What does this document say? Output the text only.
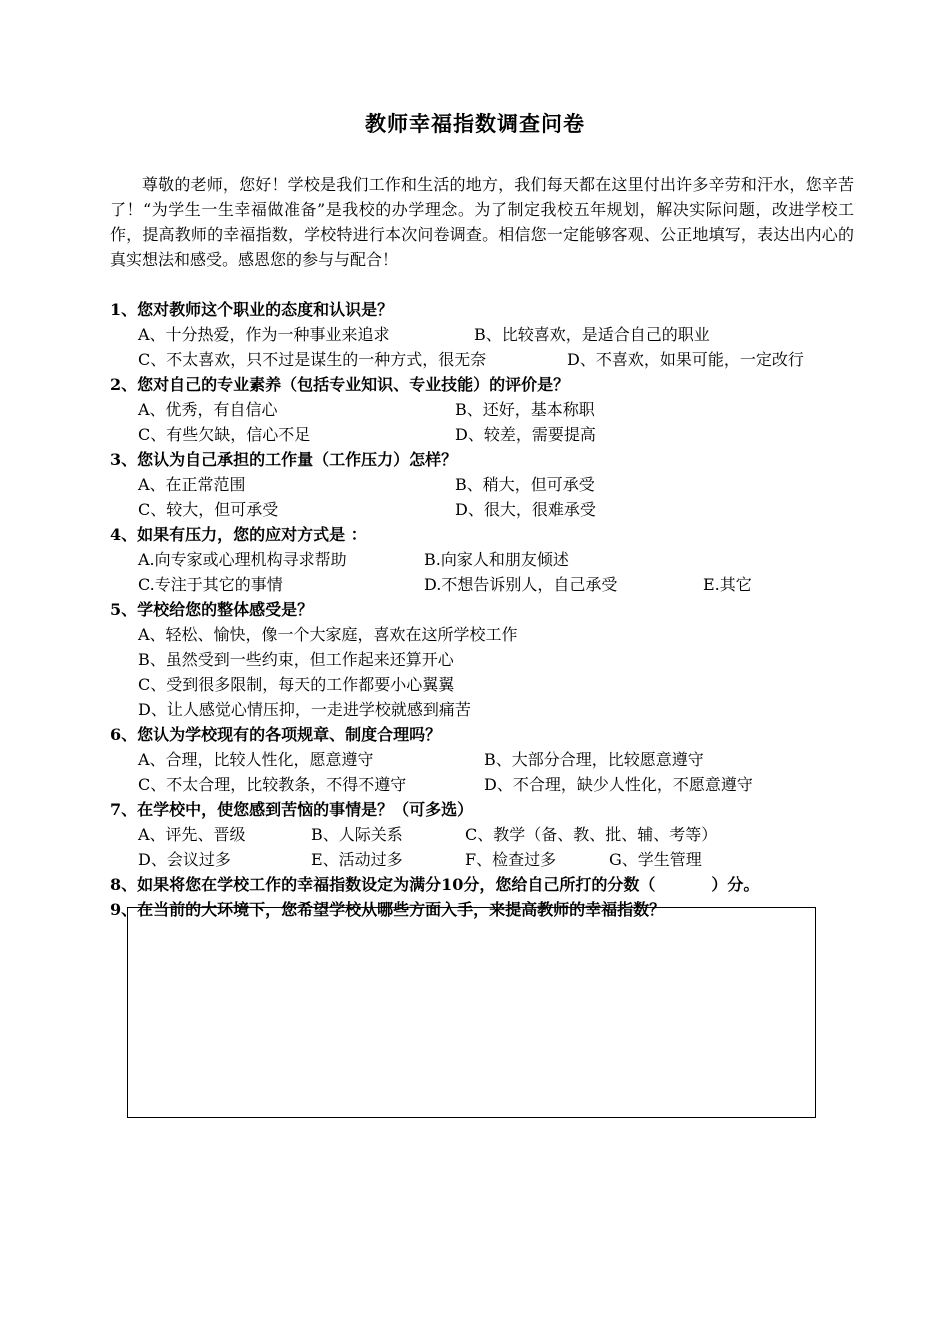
教师幸福指数调查问卷

尊敬的老师，您好！学校是我们工作和生活的地方，我们每天都在这里付出许多辛劳和汗水，您辛苦了！“为学生一生幸福做准备”是我校的办学理念。为了制定我校五年规划，解决实际问题，改进学校工作，提高教师的幸福指数，学校特进行本次问卷调查。相信您一定能够客观、公正地填写，表达出内心的真实想法和感受。感恩您的参与与配合！

1、您对教师这个职业的态度和认识是？
A、十分热爱，作为一种事业来追求	B、比较喜欢，是适合自己的职业
C、不太喜欢，只不过是谋生的一种方式，很无奈	D、不喜欢，如果可能，一定改行
2、您对自己的专业素养（包括专业知识、专业技能）的评价是？
A、优秀，有自信心	B、还好，基本称职
C、有些欠缺，信心不足	D、较差，需要提高
3、您认为自己承担的工作量（工作压力）怎样？
A、在正常范围	B、稍大，但可承受
C、较大，但可承受	D、很大，很难承受
4、如果有压力，您的应对方式是 ：
A.向专家或心理机构寻求帮助	B.向家人和朋友倾述
C.专注于其它的事情	D.不想告诉别人，自己承受	E.其它
5、学校给您的整体感受是？
A、轻松、愉快，像一个大家庭，喜欢在这所学校工作
B、虽然受到一些约束，但工作起来还算开心
C、受到很多限制，每天的工作都要小心翼翼
D、让人感觉心情压抑，一走进学校就感到痛苦
6、您认为学校现有的各项规章、制度合理吗？
A、合理，比较人性化，愿意遵守	B、大部分合理，比较愿意遵守
C、不太合理，比较教条，不得不遵守	D、不合理，缺少人性化，不愿意遵守
7、在学校中，使您感到苦恼的事情是？（可多选）
A、评先、晋级	B、人际关系	C、教学（备、教、批、辅、考等）
D、会议过多	E、活动过多	F、检查过多	G、学生管理
8、如果将您在学校工作的幸福指数设定为满分10分，您给自己所打的分数（	）分。
9、在当前的大环境下，您希望学校从哪些方面入手，来提高教师的幸福指数？
